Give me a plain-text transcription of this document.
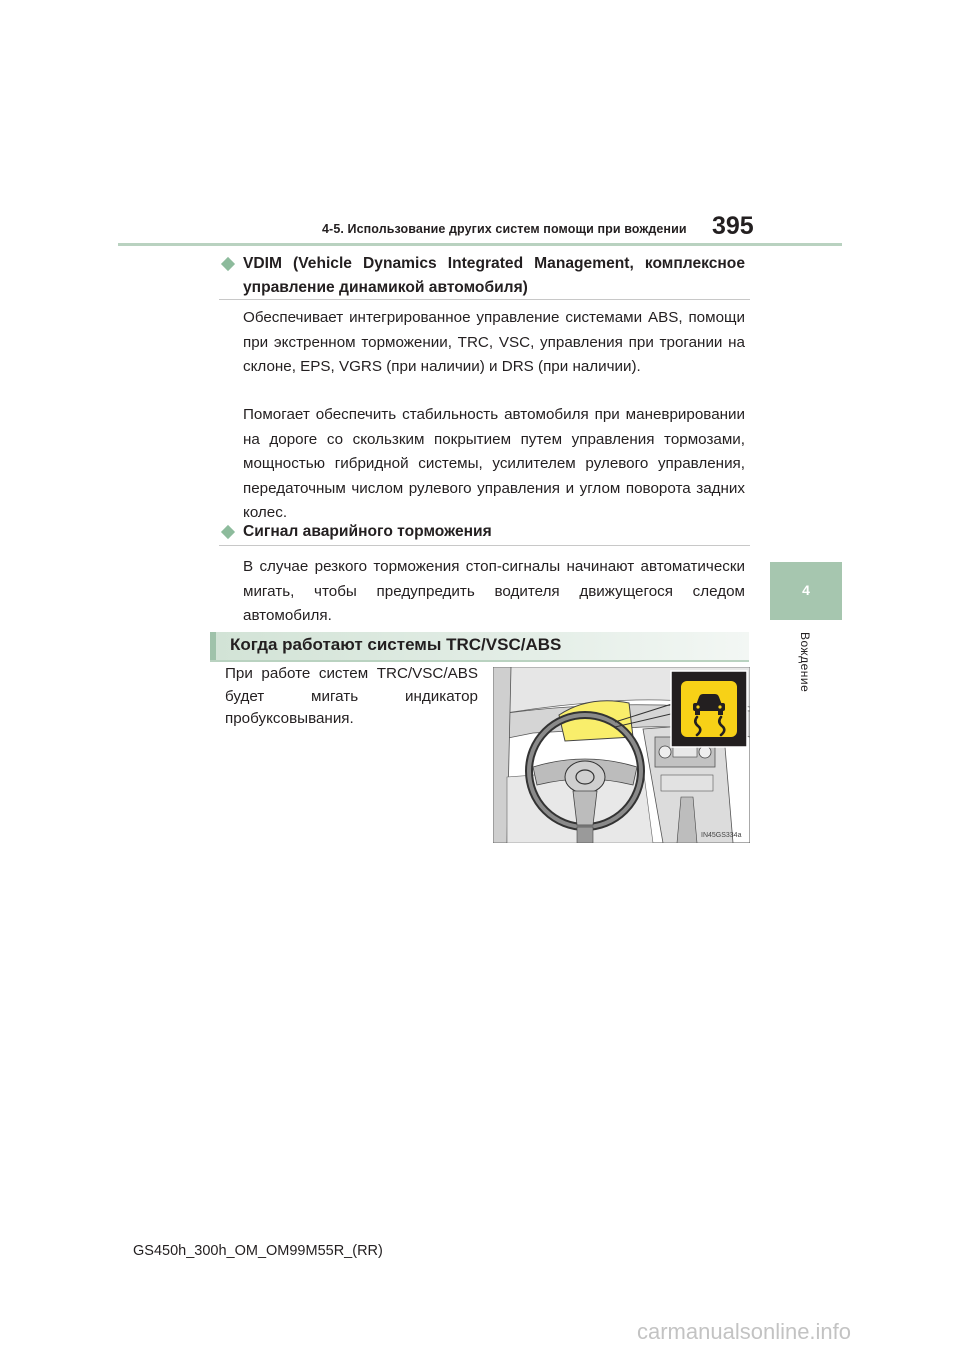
4-5. Использование других систем помощи при вождении	395
4
Вождение
VDIM (Vehicle Dynamics Integrated Management, комплексное
управление динамикой автомобиля)

Обеспечивает интегрированное управление системами ABS, помощи при экстренном торможении, TRC, VSC, управления при трогании на склоне, EPS, VGRS (при наличии) и DRS (при наличии).

Помогает обеспечить стабильность автомобиля при маневрировании на дороге со скользким покрытием путем управления тормозами, мощностью гибридной системы, усилителем рулевого управления, передаточным числом рулевого управления и углом поворота задних колес.

Сигнал аварийного торможения

В случае резкого торможения стоп-сигналы начинают автоматически мигать, чтобы предупредить водителя движущегося следом автомобиля.

Когда работают системы TRC/VSC/ABS

При работе систем TRC/VSC/ABS будет мигать индикатор пробуксовывания.

IN45GS334a
GS450h_300h_OM_OM99M55R_(RR)
carmanualsonline.info
